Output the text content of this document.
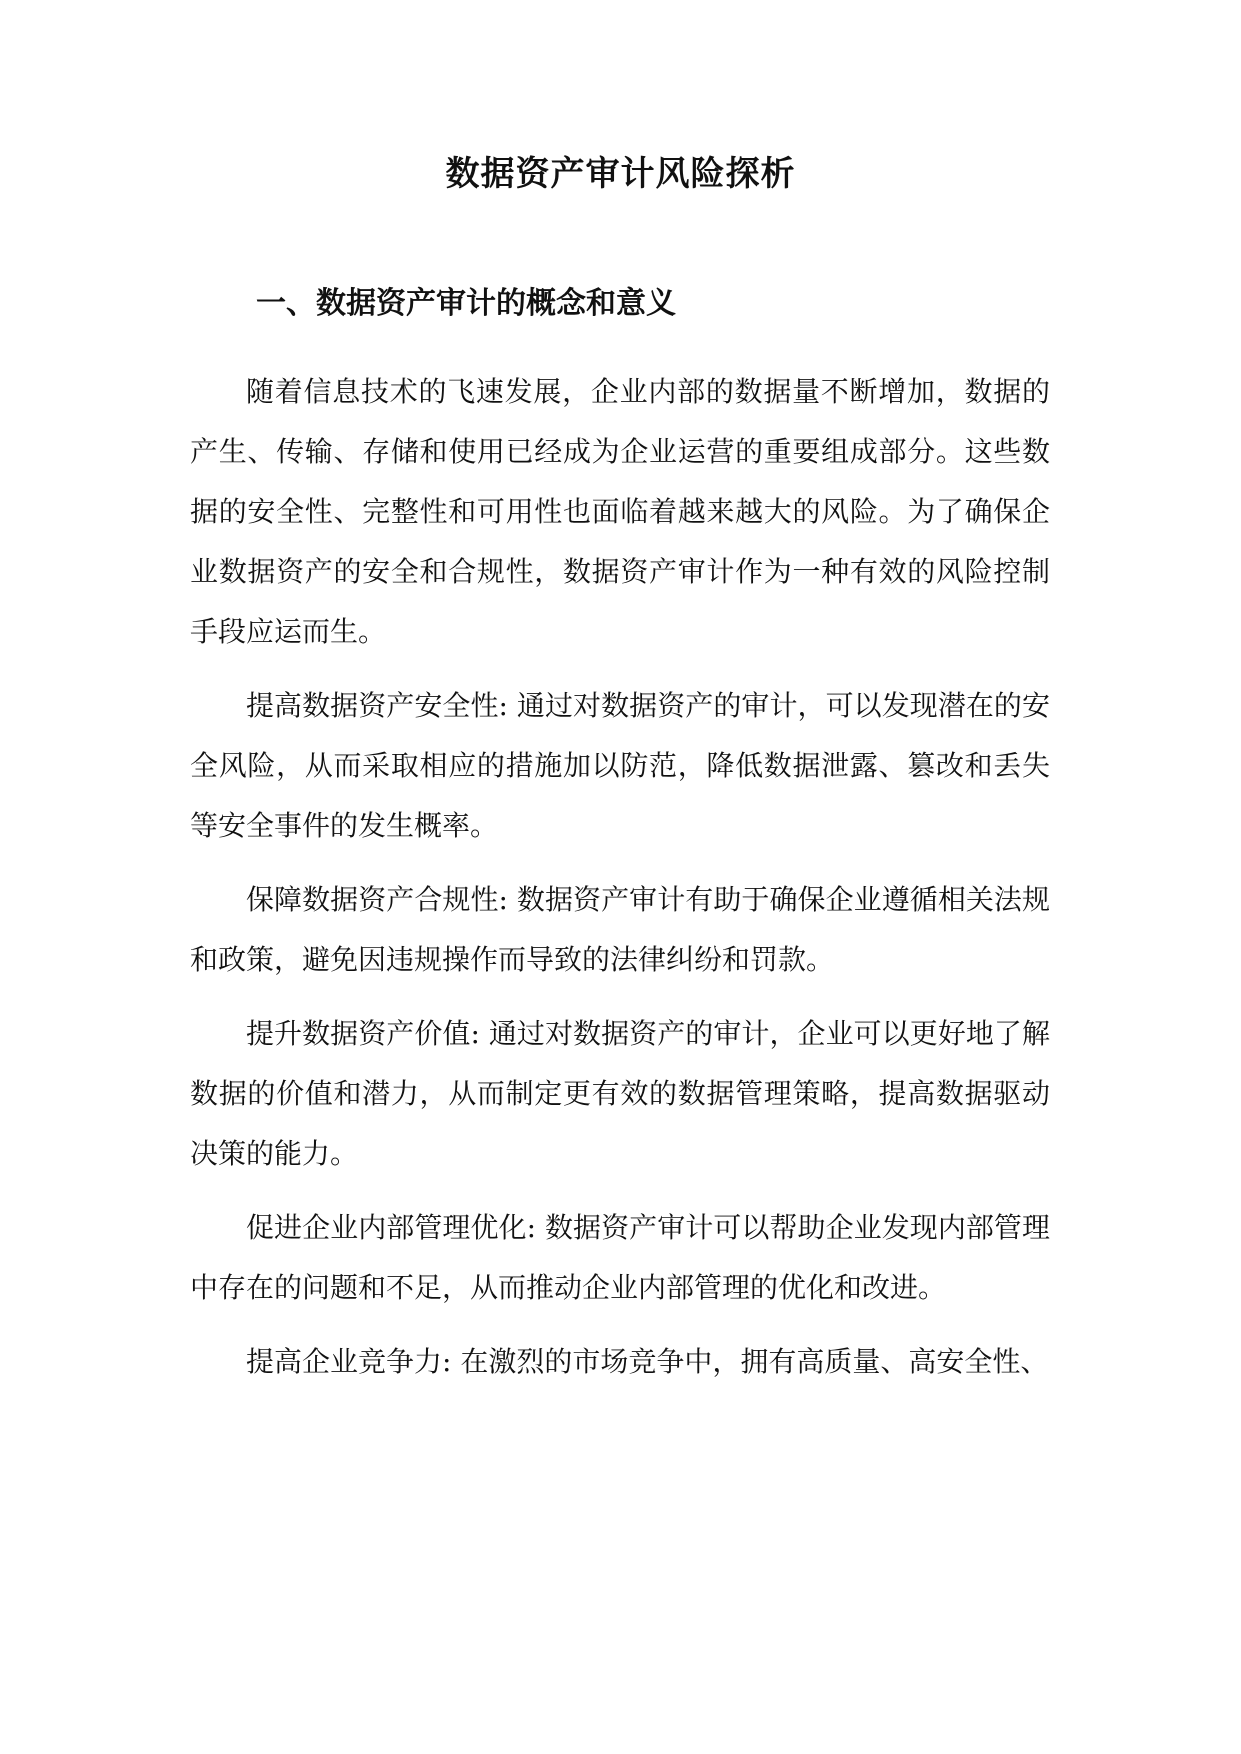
数据资产审计风险探析
一、数据资产审计的概念和意义

随着信息技术的飞速发展，企业内部的数据量不断增加，数据的产生、传输、存储和使用已经成为企业运营的重要组成部分。这些数据的安全性、完整性和可用性也面临着越来越大的风险。为了确保企业数据资产的安全和合规性，数据资产审计作为一种有效的风险控制手段应运而生。

提高数据资产安全性: 通过对数据资产的审计，可以发现潜在的安全风险，从而采取相应的措施加以防范，降低数据泄露、篡改和丢失等安全事件的发生概率。

保障数据资产合规性: 数据资产审计有助于确保企业遵循相关法规和政策，避免因违规操作而导致的法律纠纷和罚款。

提升数据资产价值: 通过对数据资产的审计，企业可以更好地了解数据的价值和潜力，从而制定更有效的数据管理策略，提高数据驱动决策的能力。

促进企业内部管理优化: 数据资产审计可以帮助企业发现内部管理中存在的问题和不足，从而推动企业内部管理的优化和改进。

提高企业竞争力: 在激烈的市场竞争中，拥有高质量、高安全性、
